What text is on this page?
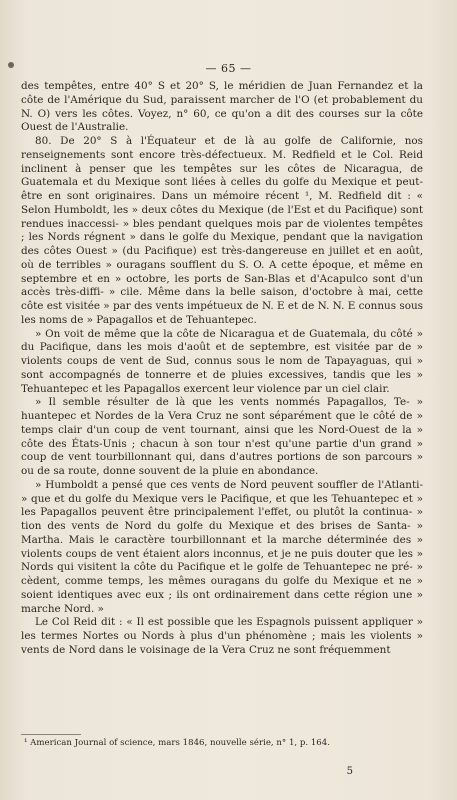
— 65 —

des tempêtes, entre 40° S et 20° S, le méridien de Juan Fernandez et la côte de l'Amérique du Sud, paraissent marcher de l'O (et probablement du N. O) vers les côtes. Voyez, n° 60, ce qu'on a dit des courses sur la côte Ouest de l'Australie.

80. De 20° S à l'Équateur et de là au golfe de Californie, nos renseignements sont encore très-défectueux. M. Redfield et le Col. Reid inclinent à penser que les tempêtes sur les côtes de Nicaragua, de Guatemala et du Mexique sont liées à celles du golfe du Mexique et peut-être en sont originaires. Dans un mémoire récent ¹, M. Redfield dit : « Selon Humboldt, les » deux côtes du Mexique (de l'Est et du Pacifique) sont rendues inaccessi- » bles pendant quelques mois par de violentes tempêtes ; les Nords régnent » dans le golfe du Mexique, pendant que la navigation des côtes Ouest » (du Pacifique) est très-dangereuse en juillet et en août, où de terribles » ouragans soufflent du S. O. A cette époque, et même en septembre et en » octobre, les ports de San-Blas et d'Acapulco sont d'un accès très-diffi- » cile. Même dans la belle saison, d'octobre à mai, cette côte est visitée » par des vents impétueux de N. E et de N. N. E connus sous les noms de » Papagallos et de Tehuantepec.

» On voit de même que la côte de Nicaragua et de Guatemala, du côté » du Pacifique, dans les mois d'août et de septembre, est visitée par de » violents coups de vent de Sud, connus sous le nom de Tapayaguas, qui » sont accompagnés de tonnerre et de pluies excessives, tandis que les » Tehuantepec et les Papagallos exercent leur violence par un ciel clair.

» Il semble résulter de là que les vents nommés Papagallos, Te- » huantepec et Nordes de la Vera Cruz ne sont séparément que le côté de » temps clair d'un coup de vent tournant, ainsi que les Nord-Ouest de la » côte des États-Unis ; chacun à son tour n'est qu'une partie d'un grand » coup de vent tourbillonnant qui, dans d'autres portions de son parcours » ou de sa route, donne souvent de la pluie en abondance.

» Humboldt a pensé que ces vents de Nord peuvent souffler de l'Atlanti- » que et du golfe du Mexique vers le Pacifique, et que les Tehuantepec et » les Papagallos peuvent être principalement l'effet, ou plutôt la continua- » tion des vents de Nord du golfe du Mexique et des brises de Santa- » Martha. Mais le caractère tourbillonnant et la marche déterminée des » violents coups de vent étaient alors inconnus, et je ne puis douter que les » Nords qui visitent la côte du Pacifique et le golfe de Tehuantepec ne pré- » cèdent, comme temps, les mêmes ouragans du golfe du Mexique et ne » soient identiques avec eux ; ils ont ordinairement dans cette région une » marche Nord. »

Le Col Reid dit : « Il est possible que les Espagnols puissent appliquer » les termes Nortes ou Nords à plus d'un phénomène ; mais les violents » vents de Nord dans le voisinage de la Vera Cruz ne sont fréquemment

¹ American Journal of science, mars 1846, nouvelle série, n° 1, p. 164.
5
